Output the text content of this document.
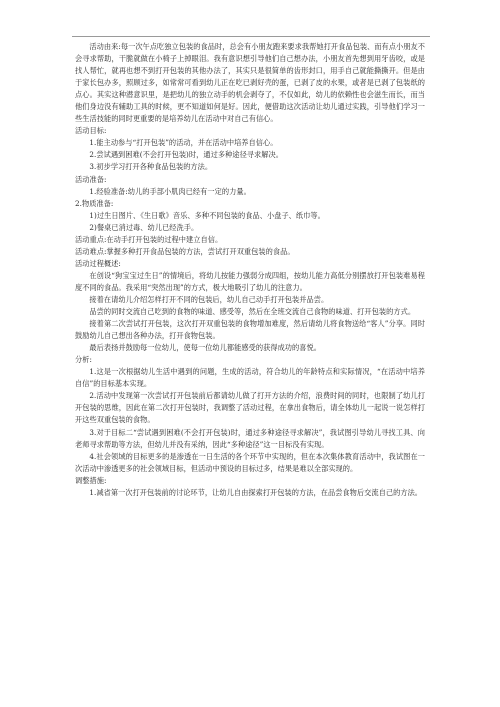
活动由来:每一次午点吃独立包装的食品时，总会有小朋友跑来要求我帮她打开食品包装、而有点小朋友不会寻求帮助，干脆就做在小椅子上掉眼泪。我有意识想引导他们自己想办法，小朋友首先想到用牙齿咬，或是找人帮忙，就再也想不到打开包装的其他办法了，其实只是很简单的齿形封口，用手自己就能撕撕开。但是由于家长包办多，照顾过多，如常常可看到幼儿正在吃已剥好壳的蛋，已剥了皮的水果，或者是已剥了包装纸的点心。其实这种潜意识里，是把幼儿的独立动手的机会剥夺了，不仅如此，幼儿的依赖性也会滋生而长，而当他们身边没有辅助工具的时候，更不知道如何是好。因此，便借助这次活动让幼儿通过实践，引导他们学习一些生活技能的同时更重要的是培养幼儿在活动中对自己有信心。

活动目标:

1.能主动参与“打开包装”的活动，并在活动中培养自信心。

2.尝试遇到困难(不会打开包装)时，通过多种途径寻求解决。

3.初步学习打开各种食品包装的方法。

活动准备:

1.经验准备:幼儿的手部小肌肉已经有一定的力量。

2.物质准备:

1)过生日图片、《生日歌》音乐、多种不同包装的食品、小盘子、纸巾等。

2)餐桌已消过毒、幼儿已经洗手。

活动重点:在动手打开包装的过程中建立自信。

活动难点:掌握多种打开食品包装的方法，尝试打开双重包装的食品。

活动过程概述:

在创设“狗宝宝过生日”的情境后，将幼儿按能力强弱分成四组，按幼儿能力高低分别摆放打开包装难易程度不同的食品。我采用“突然出现”的方式，极大地吸引了幼儿的注意力。

接着在请幼儿介绍怎样打开不同的包装后，幼儿自己动手打开包装并品尝。

品尝的同时交流自己吃到的食物的味道、感受等，然后在全班交流自己食物的味道、打开包装的方式。

接着第二次尝试打开包装，这次打开双重包装的食物增加难度，然后请幼儿将食物送给“客人”分享。同时鼓励幼儿自己想出各种办法，打开食物包装。

最后表扬并鼓励每一位幼儿，使每一位幼儿都能感受的获得成功的喜悦。

分析:

1.这是一次根据幼儿生活中遇到的问题，生成的活动，符合幼儿的年龄特点和实际情况，“在活动中培养自信”的目标基本实现。

2.活动中发现第一次尝试打开包装前后都请幼儿做了打开方法的介绍，浪费时间的同时，也限制了幼儿打开包装的思维，因此在第二次打开包装时，我调整了活动过程，在拿出食物后，请全体幼儿一起说一说怎样打开这些双重包装的食物。

3.对于目标二“尝试遇到困难(不会打开包装)时，通过多种途径寻求解决”，我试图引导幼儿寻找工具、向老师寻求帮助等方法，但幼儿并没有采纳，因此“多种途径”这一目标没有实现。

4.社会领域的目标更多的是渗透在一日生活的各个环节中实现的，但在本次集体教育活动中，我试图在一次活动中渗透更多的社会领域目标，但活动中预设的目标过多，结果是难以全部实现的。

调整措施:

1.减省第一次打开包装前的讨论环节，让幼儿自由探索打开包装的方法，在品尝食物后交流自己的方法。
